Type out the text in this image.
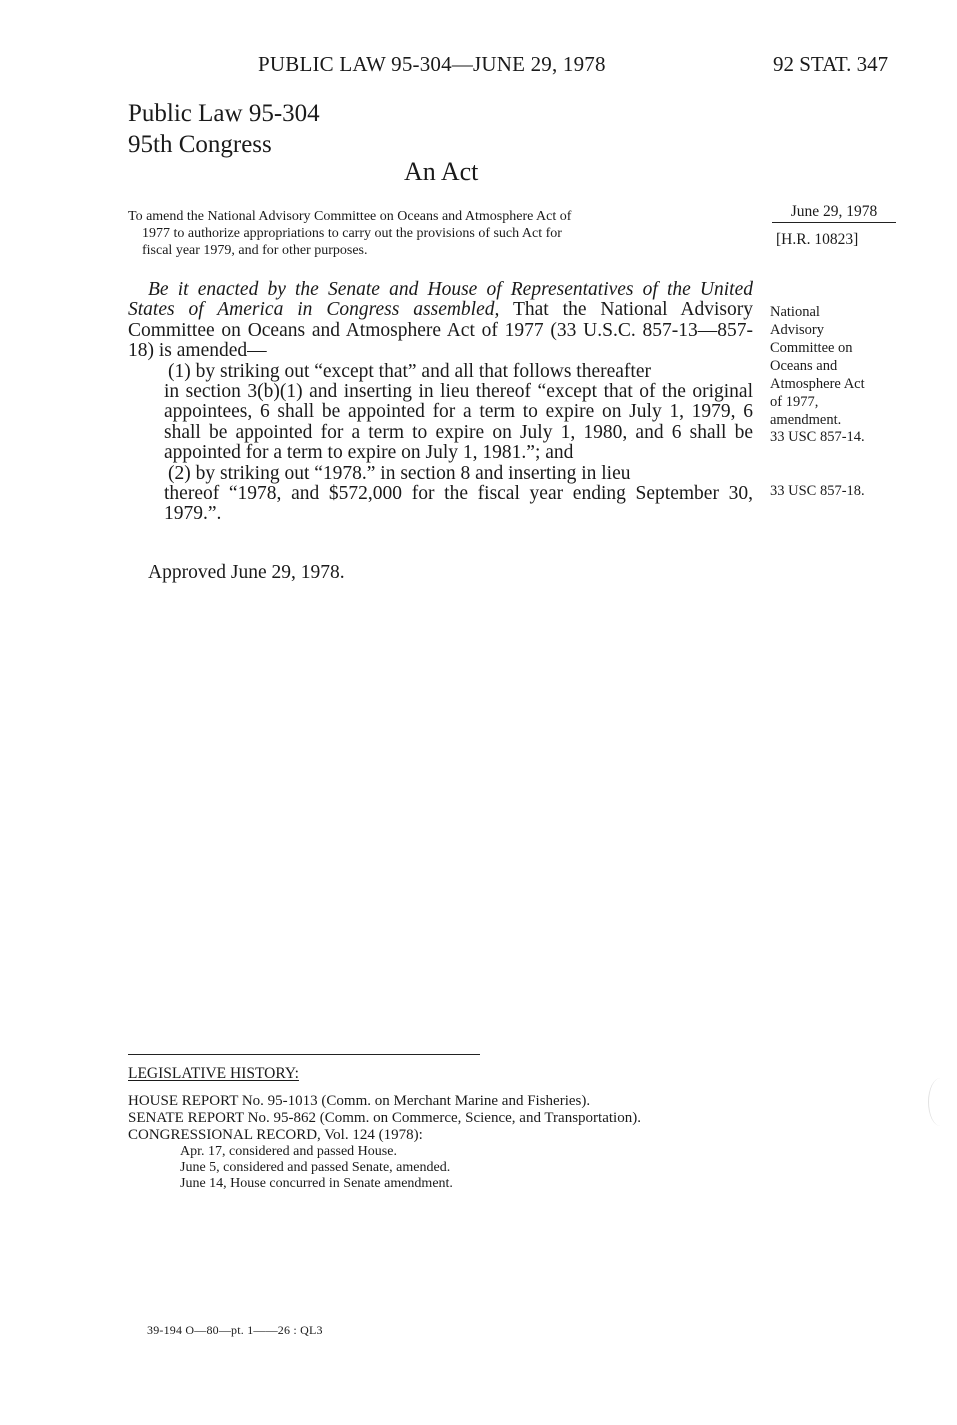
PUBLIC LAW 95-304—JUNE 29, 1978	92 STAT. 347
Public Law 95-304
95th Congress
An Act
To amend the National Advisory Committee on Oceans and Atmosphere Act of
1977 to authorize appropriations to carry out the provisions of such Act for
fiscal year 1979, and for other purposes.
June 29, 1978
[H.R. 10823]

Be it enacted by the Senate and House of Representatives of the United States of America in Congress assembled, That the National Advisory Committee on Oceans and Atmosphere Act of 1977 (33 U.S.C. 857-13—857-18) is amended—

(1) by striking out “except that” and all that follows thereafter
in section 3(b)(1) and inserting in lieu thereof “except that of the original appointees, 6 shall be appointed for a term to expire on July 1, 1979, 6 shall be appointed for a term to expire on July 1, 1980, and 6 shall be appointed for a term to expire on July 1, 1981.”; and

(2) by striking out “1978.” in section 8 and inserting in lieu
thereof “1978, and $572,000 for the fiscal year ending September 30, 1979.”.

National
Advisory
Committee on
Oceans and
Atmosphere Act
of 1977,
amendment.
33 USC 857-14.
33 USC 857-18.
Approved June 29, 1978.
LEGISLATIVE HISTORY:
HOUSE REPORT No. 95-1013 (Comm. on Merchant Marine and Fisheries).
SENATE REPORT No. 95-862 (Comm. on Commerce, Science, and Transportation).
CONGRESSIONAL RECORD, Vol. 124 (1978):
Apr. 17, considered and passed House.
June 5, considered and passed Senate, amended.
June 14, House concurred in Senate amendment.
39-194 O—80—pt. 1——26 : QL3
